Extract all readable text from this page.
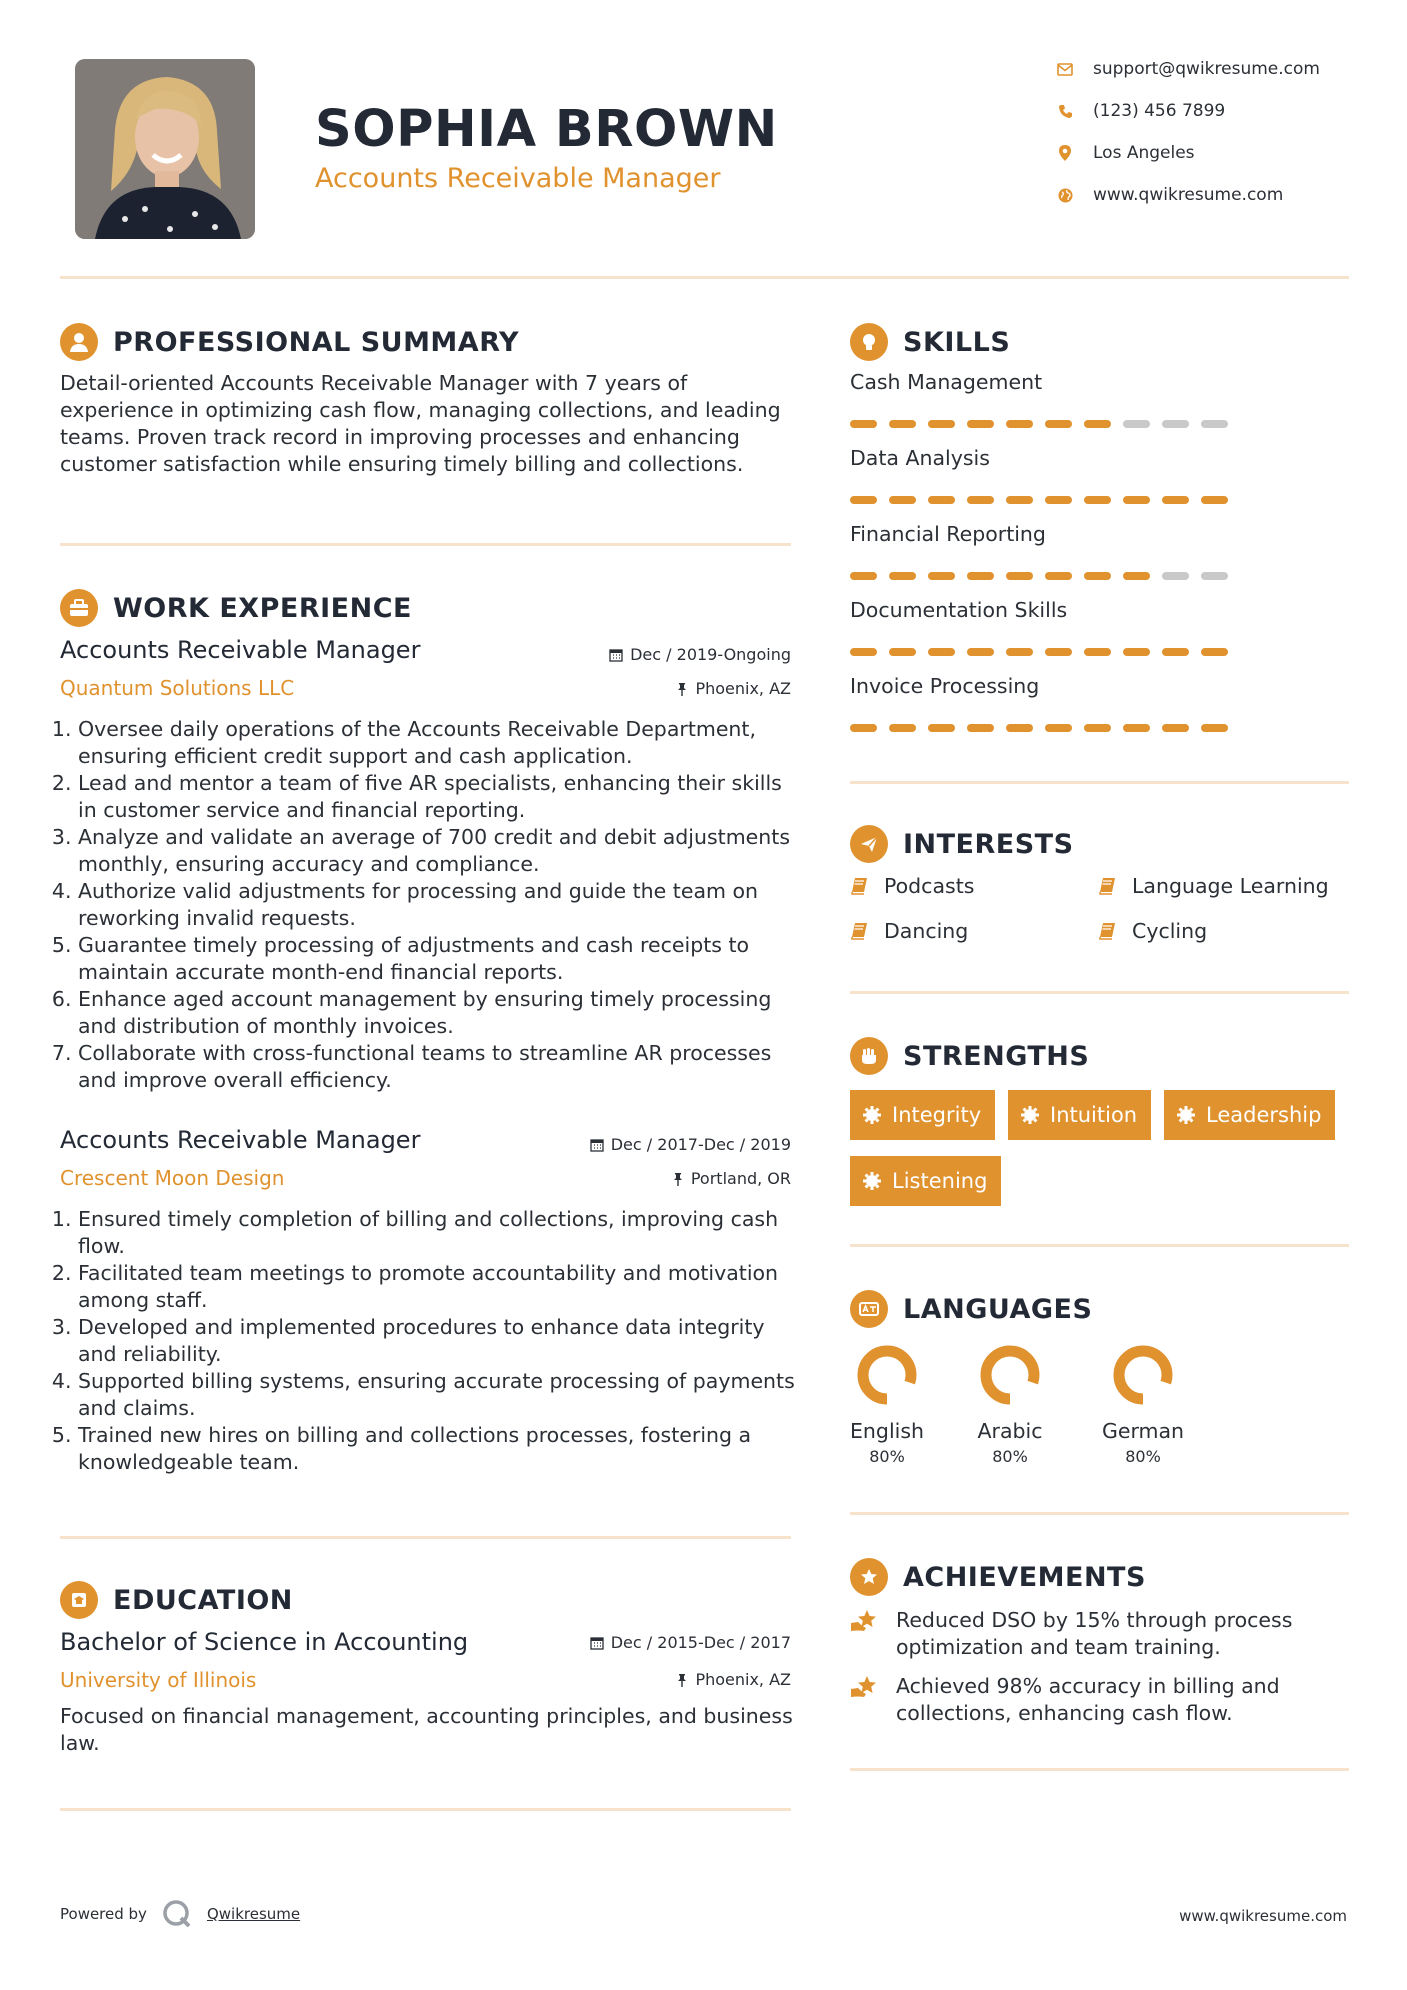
SOPHIA BROWN
Accounts Receivable Manager
support@qwikresume.com
(123) 456 7899
Los Angeles
www.qwikresume.com
PROFESSIONAL SUMMARY
Detail-oriented Accounts Receivable Manager with 7 years of experience in optimizing cash flow, managing collections, and leading teams. Proven track record in improving processes and enhancing customer satisfaction while ensuring timely billing and collections.
WORK EXPERIENCE
Accounts Receivable Manager	Dec / 2019-Ongoing
Quantum Solutions LLC	Phoenix, AZ
1. Oversee daily operations of the Accounts Receivable Department, ensuring efficient credit support and cash application.
2. Lead and mentor a team of five AR specialists, enhancing their skills in customer service and financial reporting.
3. Analyze and validate an average of 700 credit and debit adjustments monthly, ensuring accuracy and compliance.
4. Authorize valid adjustments for processing and guide the team on reworking invalid requests.
5. Guarantee timely processing of adjustments and cash receipts to maintain accurate month-end financial reports.
6. Enhance aged account management by ensuring timely processing and distribution of monthly invoices.
7. Collaborate with cross-functional teams to streamline AR processes and improve overall efficiency.
Accounts Receivable Manager	Dec / 2017-Dec / 2019
Crescent Moon Design	Portland, OR
1. Ensured timely completion of billing and collections, improving cash flow.
2. Facilitated team meetings to promote accountability and motivation among staff.
3. Developed and implemented procedures to enhance data integrity and reliability.
4. Supported billing systems, ensuring accurate processing of payments and claims.
5. Trained new hires on billing and collections processes, fostering a knowledgeable team.
EDUCATION
Bachelor of Science in Accounting	Dec / 2015-Dec / 2017
University of Illinois	Phoenix, AZ
Focused on financial management, accounting principles, and business law.
SKILLS
Cash Management
Data Analysis
Financial Reporting
Documentation Skills
Invoice Processing
INTERESTS
Podcasts	Language Learning
Dancing	Cycling
STRENGTHS
Integrity	Intuition	Leadership
Listening
LANGUAGES
English
80%
Arabic
80%
German
80%
ACHIEVEMENTS
Reduced DSO by 15% through process optimization and team training.
Achieved 98% accuracy in billing and collections, enhancing cash flow.
Powered by	Qwikresume	www.qwikresume.com
